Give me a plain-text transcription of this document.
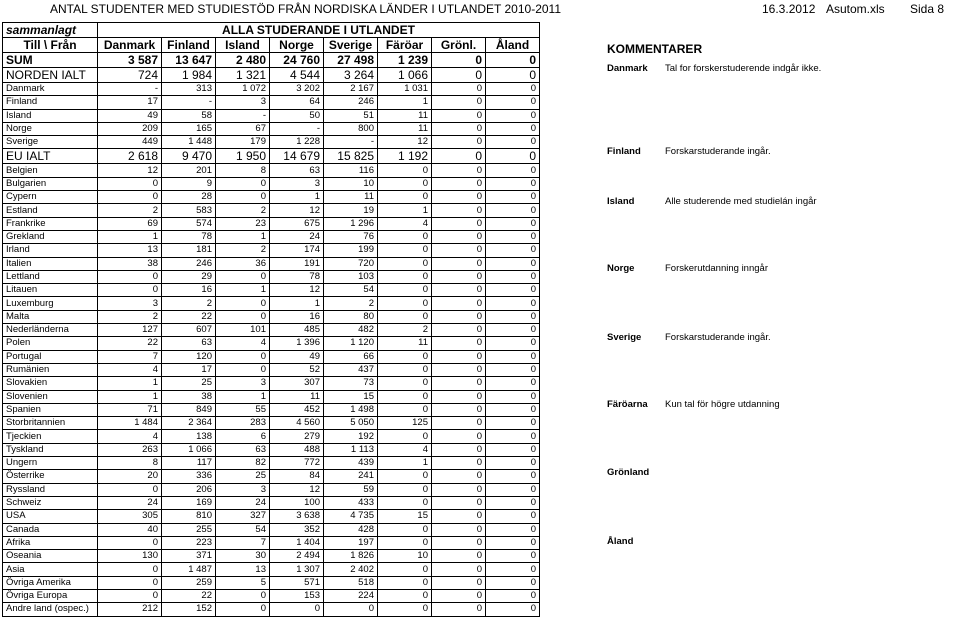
ANTAL STUDENTER MED STUDIESTÖD FRÅN NORDISKA LÄNDER I UTLANDET 2010-2011	16.3.2012 Asutom.xls Sida 8
sammanlagt	ALLA STUDERANDE I UTLANDET							
Till \ Från	Danmark	Finland	Island	Norge	Sverige	Färöar	Grönl.	Åland
SUM	3 587	13 647	2 480	24 760	27 498	1 239	0	0
NORDEN IALT	724	1 984	1 321	4 544	3 264	1 066	0	0
Danmark	-	313	1 072	3 202	2 167	1 031	0	0
Finland	17	-	3	64	246	1	0	0
Island	49	58	-	50	51	11	0	0
Norge	209	165	67	-	800	11	0	0
Sverige	449	1 448	179	1 228	-	12	0	0
EU IALT	2 618	9 470	1 950	14 679	15 825	1 192	0	0
Belgien	12	201	8	63	116	0	0	0
Bulgarien	0	9	0	3	10	0	0	0
Cypern	0	28	0	1	11	0	0	0
Estland	2	583	2	12	19	1	0	0
Frankrike	69	574	23	675	1 296	4	0	0
Grekland	1	78	1	24	76	0	0	0
Irland	13	181	2	174	199	0	0	0
Italien	38	246	36	191	720	0	0	0
Lettland	0	29	0	78	103	0	0	0
Litauen	0	16	1	12	54	0	0	0
Luxemburg	3	2	0	1	2	0	0	0
Malta	2	22	0	16	80	0	0	0
Nederländerna	127	607	101	485	482	2	0	0
Polen	22	63	4	1 396	1 120	11	0	0
Portugal	7	120	0	49	66	0	0	0
Rumänien	4	17	0	52	437	0	0	0
Slovakien	1	25	3	307	73	0	0	0
Slovenien	1	38	1	11	15	0	0	0
Spanien	71	849	55	452	1 498	0	0	0
Storbritannien	1 484	2 364	283	4 560	5 050	125	0	0
Tjeckien	4	138	6	279	192	0	0	0
Tyskland	263	1 066	63	488	1 113	4	0	0
Ungern	8	117	82	772	439	1	0	0
Österrike	20	336	25	84	241	0	0	0
Ryssland	0	206	3	12	59	0	0	0
Schweiz	24	169	24	100	433	0	0	0
USA	305	810	327	3 638	4 735	15	0	0
Canada	40	255	54	352	428	0	0	0
Afrika	0	223	7	1 404	197	0	0	0
Oseania	130	371	30	2 494	1 826	10	0	0
Asia	0	1 487	13	1 307	2 402	0	0	0
Övriga Amerika	0	259	5	571	518	0	0	0
Övriga Europa	0	22	0	153	224	0	0	0
Andre land (ospec.)	212	152	0	0	0	0	0	0
KOMMENTARER
Danmark Tal for forskerstuderende indgår ikke.
Finland	Forskarstuderande ingår.
Island	Alle studerende med studielán ingår
Norge	Forskerutdanning inngår
Sverige Forskarstuderande ingår.
Färöarna Kun tal för högre utdanning
Grönland
Åland
